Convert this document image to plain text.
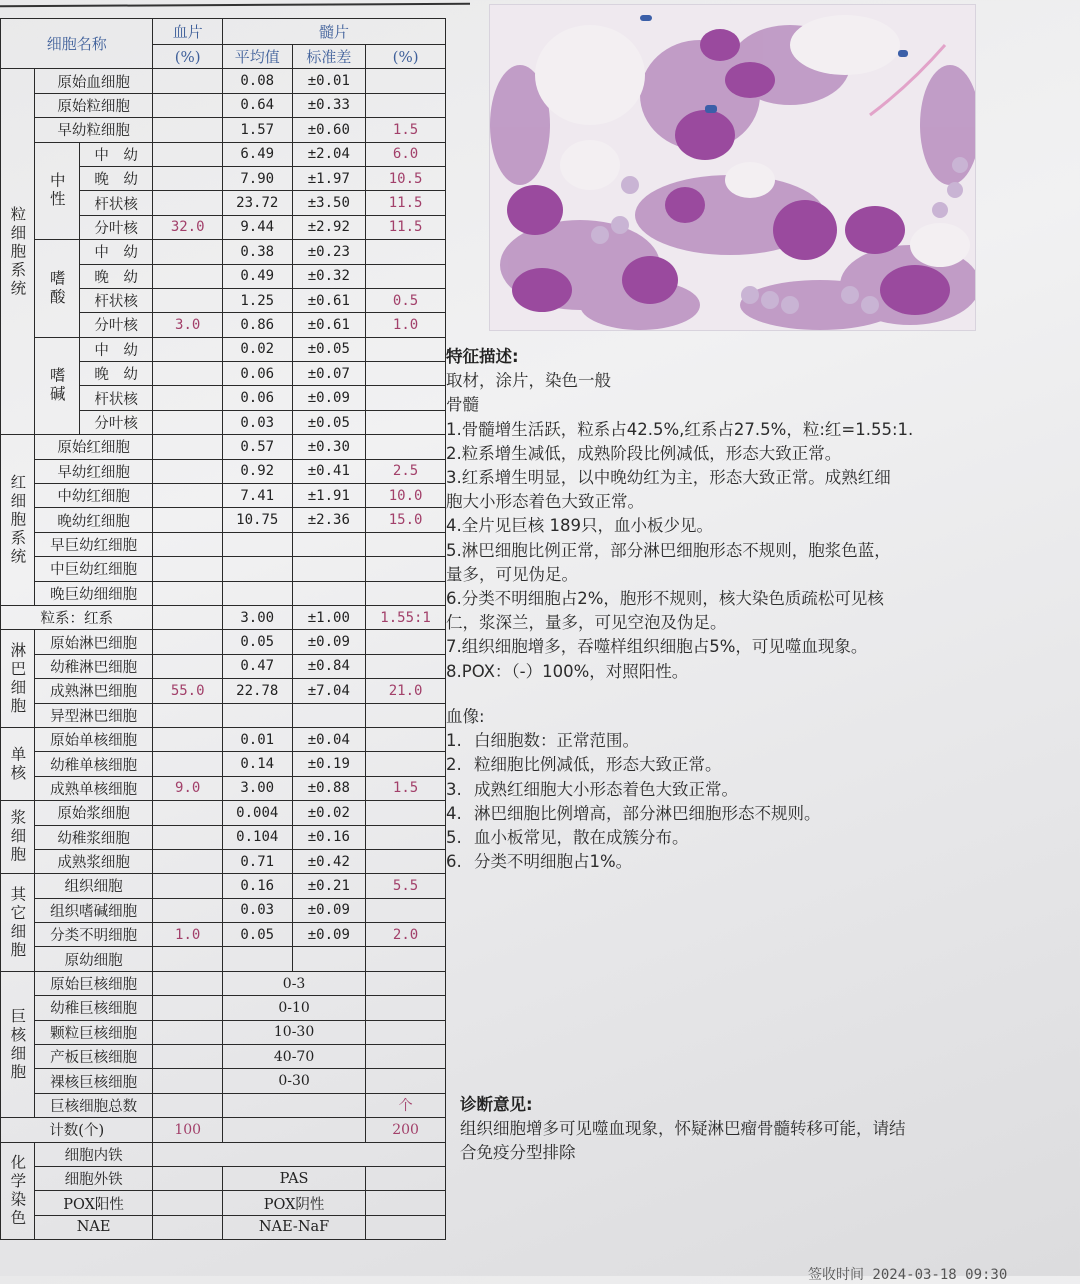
细胞名称			血片	髓片		
			(%)	平均值	标准差	(%)
粒细胞系统	原始血细胞			0.08	±0.01	
	原始粒细胞			0.64	±0.33	
	早幼粒细胞			1.57	±0.60	1.5
	中性	中　幼		6.49	±2.04	6.0
		晚　幼		7.90	±1.97	10.5
		杆状核		23.72	±3.50	11.5
		分叶核	32.0	9.44	±2.92	11.5
	嗜酸	中　幼		0.38	±0.23	
		晚　幼		0.49	±0.32	
		杆状核		1.25	±0.61	0.5
		分叶核	3.0	0.86	±0.61	1.0
	嗜碱	中　幼		0.02	±0.05	
		晚　幼		0.06	±0.07	
		杆状核		0.06	±0.09	
		分叶核		0.03	±0.05	
红细胞系统	原始红细胞			0.57	±0.30	
	早幼红细胞			0.92	±0.41	2.5
	中幼红细胞			7.41	±1.91	10.0
	晚幼红细胞			10.75	±2.36	15.0
	早巨幼红细胞					
	中巨幼红细胞					
	晚巨幼细细胞					
粒系：红系				3.00	±1.00	1.55:1
淋巴细胞	原始淋巴细胞			0.05	±0.09	
	幼稚淋巴细胞			0.47	±0.84	
	成熟淋巴细胞		55.0	22.78	±7.04	21.0
	异型淋巴细胞					
单核	原始单核细胞			0.01	±0.04	
	幼稚单核细胞			0.14	±0.19	
	成熟单核细胞		9.0	3.00	±0.88	1.5
浆细胞	原始浆细胞			0.004	±0.02	
	幼稚浆细胞			0.104	±0.16	
	成熟浆细胞			0.71	±0.42	
其它细胞	组织细胞			0.16	±0.21	5.5
	组织嗜碱细胞			0.03	±0.09	
	分类不明细胞		1.0	0.05	±0.09	2.0
	原幼细胞					
巨核细胞	原始巨核细胞			0-3		
	幼稚巨核细胞			0-10		
	颗粒巨核细胞			10-30		
	产板巨核细胞			40-70		
	裸核巨核细胞			0-30		
	巨核细胞总数					个
计数(个)			100			200
化学染色	细胞内铁					
	细胞外铁			PAS		
	POX阳性			POX阴性		
	NAE			NAE-NaF		
特征描述:
取材，涂片，染色一般
骨髓
1.骨髓增生活跃，粒系占42.5%,红系占27.5%，粒:红=1.55:1.
2.粒系增生减低，成熟阶段比例减低，形态大致正常。
3.红系增生明显，以中晚幼红为主，形态大致正常。成熟红细
胞大小形态着色大致正常。
4.全片见巨核 189只，血小板少见。
5.淋巴细胞比例正常，部分淋巴细胞形态不规则，胞浆色蓝，
量多，可见伪足。
6.分类不明细胞占2%，胞形不规则，核大染色质疏松可见核
仁，浆深兰，量多，可见空泡及伪足。
7.组织细胞增多，吞噬样组织细胞占5%，可见噬血现象。
8.POX：（-）100%，对照阳性。
血像:
1. 白细胞数：正常范围。
2. 粒细胞比例减低，形态大致正常。
3. 成熟红细胞大小形态着色大致正常。
4. 淋巴细胞比例增高，部分淋巴细胞形态不规则。
5. 血小板常见，散在成簇分布。
6. 分类不明细胞占1%。
诊断意见:
组织细胞增多可见噬血现象，怀疑淋巴瘤骨髓转移可能，请结
合免疫分型排除
签收时间 2024-03-18 09:30
